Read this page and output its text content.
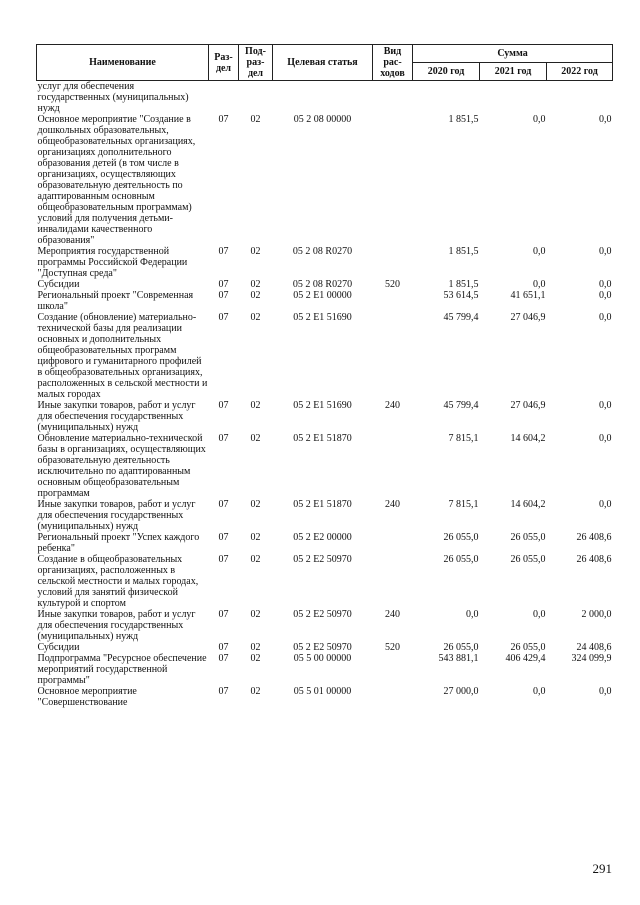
Наименование	Раз-дел	Под-раз-дел	Целевая статья	Вид рас-ходов	Сумма		
					2020 год	2021 год	2022 год
услуг для обеспечения государственных (муниципальных) нужд							
Основное мероприятие "Создание в дошкольных образовательных, общеобразовательных организациях, организациях дополнительного образования детей (в том числе в организациях, осуществляющих образовательную деятельность по адаптированным основным общеобразовательным программам) условий для получения детьми-инвалидами качественного образования"	07	02	05 2 08 00000		1 851,5	0,0	0,0
Мероприятия государственной программы Российской Федерации "Доступная среда"	07	02	05 2 08 R0270		1 851,5	0,0	0,0
Субсидии	07	02	05 2 08 R0270	520	1 851,5	0,0	0,0
Региональный проект "Современная школа"	07	02	05 2 E1 00000		53 614,5	41 651,1	0,0
Создание (обновление) материально-технической базы для реализации основных и дополнительных общеобразовательных программ цифрового и гуманитарного профилей в общеобразовательных организациях, расположенных в сельской местности и малых городах	07	02	05 2 E1 51690		45 799,4	27 046,9	0,0
Иные закупки товаров, работ и услуг для обеспечения государственных (муниципальных) нужд	07	02	05 2 E1 51690	240	45 799,4	27 046,9	0,0
Обновление материально-технической базы в организациях, осуществляющих образовательную деятельность исключительно по адаптированным основным общеобразовательным программам	07	02	05 2 E1 51870		7 815,1	14 604,2	0,0
Иные закупки товаров, работ и услуг для обеспечения государственных (муниципальных) нужд	07	02	05 2 E1 51870	240	7 815,1	14 604,2	0,0
Региональный проект "Успех каждого ребенка"	07	02	05 2 E2 00000		26 055,0	26 055,0	26 408,6
Создание в общеобразовательных организациях, расположенных в сельской местности и малых городах, условий для занятий физической культурой и спортом	07	02	05 2 E2 50970		26 055,0	26 055,0	26 408,6
Иные закупки товаров, работ и услуг для обеспечения государственных (муниципальных) нужд	07	02	05 2 E2 50970	240	0,0	0,0	2 000,0
Субсидии	07	02	05 2 E2 50970	520	26 055,0	26 055,0	24 408,6
Подпрограмма "Ресурсное обеспечение мероприятий государственной программы"	07	02	05 5 00 00000		543 881,1	406 429,4	324 099,9
Основное мероприятие "Совершенствование	07	02	05 5 01 00000		27 000,0	0,0	0,0
291
